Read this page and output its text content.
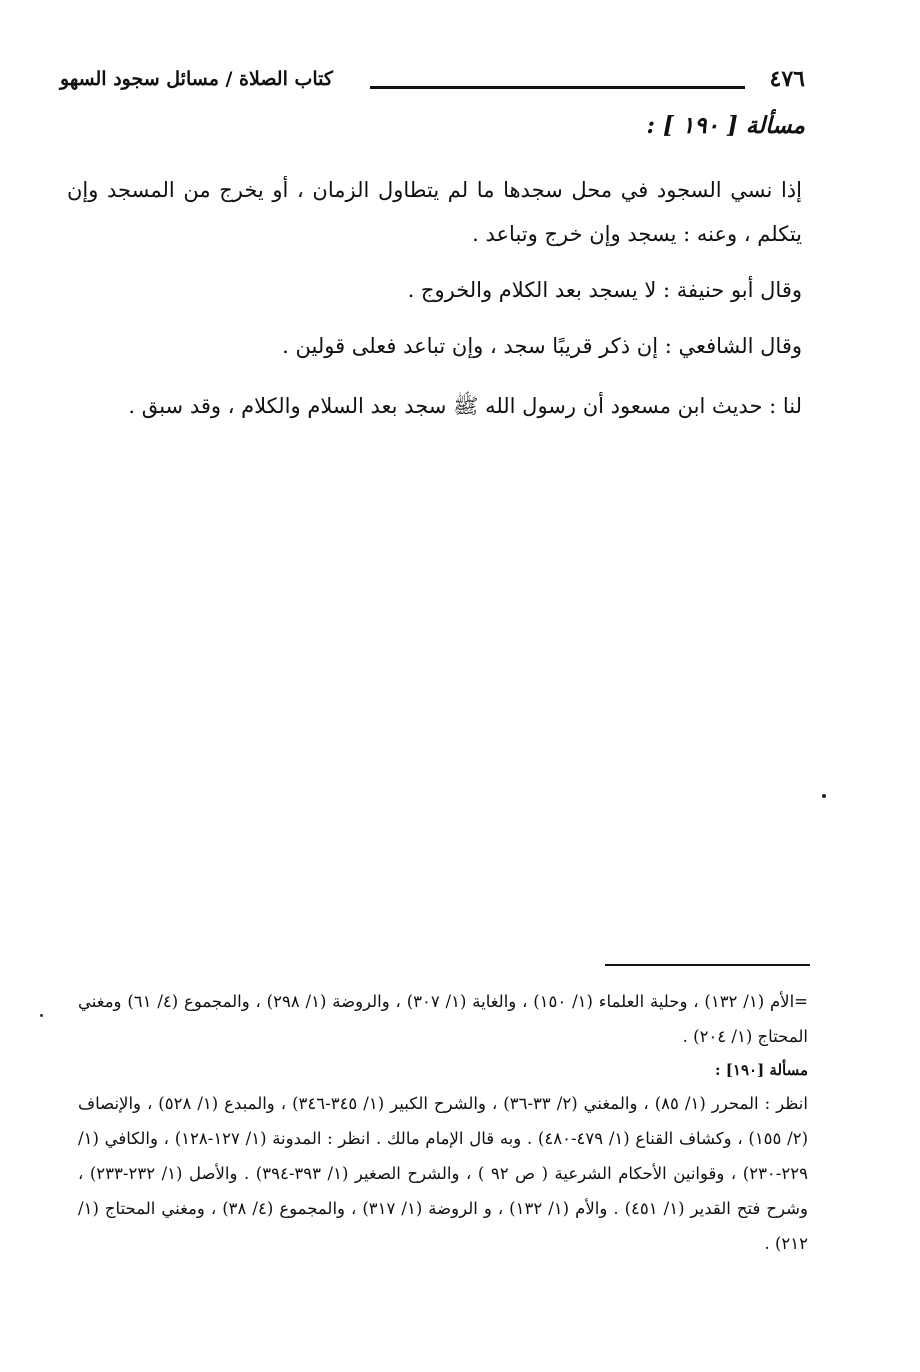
٤٧٦
كتاب الصلاة / مسائل سجود السهو
مسألة [ ١٩٠ ] :

إذا نسي السجود في محل سجدها ما لم يتطاول الزمان ، أو يخرج من المسجد وإن يتكلم ، وعنه : يسجد وإن خرج وتباعد .

وقال أبو حنيفة : لا يسجد بعد الكلام والخروج .

وقال الشافعي : إن ذكر قريبًا سجد ، وإن تباعد فعلى قولين .

لنا : حديث ابن مسعود أن رسول الله ﷺ سجد بعد السلام والكلام ، وقد سبق .

=الأم (١/ ١٣٢) ، وحلية العلماء (١/ ١٥٠) ، والغاية (١/ ٣٠٧) ، والروضة (١/ ٢٩٨) ، والمجموع (٤/ ٦١) ومغني المحتاج (١/ ٢٠٤) .

مسألة [١٩٠] :

انظر : المحرر (١/ ٨٥) ، والمغني (٢/ ٣٣-٣٦) ، والشرح الكبير (١/ ٣٤٥-٣٤٦) ، والمبدع (١/ ٥٢٨) ، والإنصاف (٢/ ١٥٥) ، وكشاف القناع (١/ ٤٧٩-٤٨٠) . وبه قال الإمام مالك . انظر : المدونة (١/ ١٢٧-١٢٨) ، والكافي (١/ ٢٢٩-٢٣٠) ، وقوانين الأحكام الشرعية ( ص ٩٢ ) ، والشرح الصغير (١/ ٣٩٣-٣٩٤) . والأصل (١/ ٢٣٢-٢٣٣) ، وشرح فتح القدير (١/ ٤٥١) . والأم (١/ ١٣٢) ، و الروضة (١/ ٣١٧) ، والمجموع (٤/ ٣٨) ، ومغني المحتاج (١/ ٢١٢) .
